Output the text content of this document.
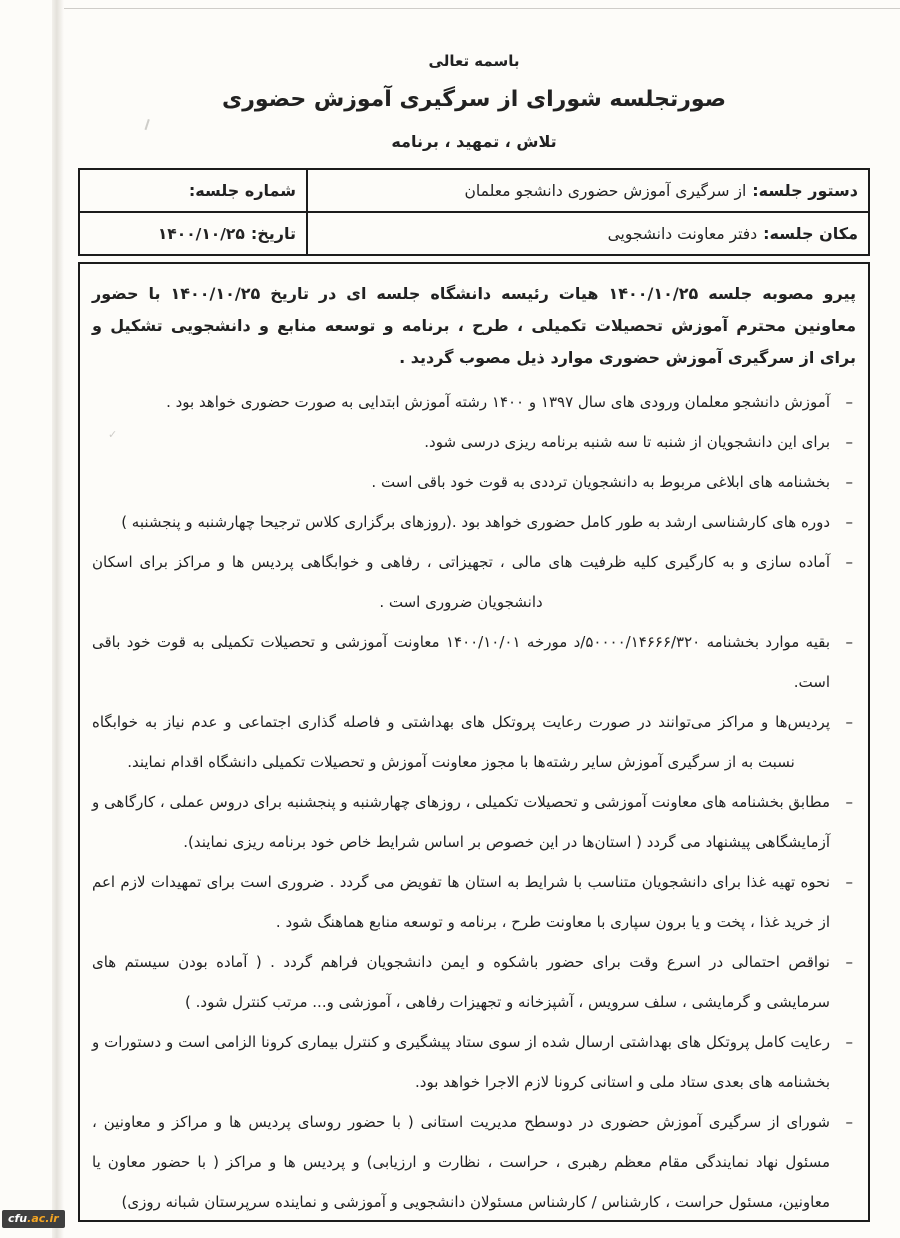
✓
باسمه تعالی
صورتجلسه شورای از سرگیری آموزش حضوری
تلاش ، تمهید ، برنامه
دستور جلسه:از سرگیری آموزش حضوری دانشجو معلمان	شماره جلسه:
مکان جلسه:دفتر معاونت دانشجویی	تاریخ:۱۴۰۰/۱۰/۲۵

پیرو مصوبه جلسه ۱۴۰۰/۱۰/۲۵ هیات رئیسه دانشگاه جلسه ای در تاریخ ۱۴۰۰/۱۰/۲۵ با حضور معاونین محترم آموزش تحصیلات تکمیلی ، طرح ، برنامه و توسعه منابع و دانشجویی تشکیل و برای از سرگیری آموزش حضوری موارد ذیل مصوب گردید .

–
آموزش دانشجو معلمان ورودی های سال ۱۳۹۷ و ۱۴۰۰ رشته آموزش ابتدایی به صورت حضوری خواهد بود .
–
برای این دانشجویان از شنبه تا سه شنبه برنامه ریزی درسی شود.
–
بخشنامه های ابلاغی مربوط به دانشجویان ترددی به قوت خود باقی است .
–
دوره های کارشناسی ارشد به طور کامل حضوری خواهد بود .(روزهای برگزاری کلاس ترجیحا چهارشنبه و پنجشنبه )
–
آماده سازی و به کارگیری کلیه ظرفیت های مالی ، تجهیزاتی ، رفاهی و خوابگاهی پردیس ها و مراکز برای اسکان دانشجویان ضروری است .
–
بقیه موارد بخشنامه ۵۰۰۰۰/۱۴۶۶۶/۳۲۰/د مورخه ۱۴۰۰/۱۰/۰۱ معاونت آموزشی و تحصیلات تکمیلی به قوت خود باقی است.
–
پردیس‌ها و مراکز می‌توانند در صورت رعایت پروتکل های بهداشتی و فاصله گذاری اجتماعی و عدم نیاز به خوابگاه نسبت به از سرگیری آموزش سایر رشته‌ها با مجوز معاونت آموزش و تحصیلات تکمیلی دانشگاه اقدام نمایند.
–
مطابق بخشنامه های معاونت آموزشی و تحصیلات تکمیلی ، روزهای چهارشنبه و پنجشنبه برای دروس عملی ، کارگاهی و آزمایشگاهی پیشنهاد می گردد ( استان‌ها در این خصوص بر اساس شرایط خاص خود برنامه ریزی نمایند).
–
نحوه تهیه غذا برای دانشجویان متناسب با شرایط به استان ها تفویض می گردد . ضروری است برای تمهیدات لازم اعم از خرید غذا ، پخت و یا برون سپاری با معاونت طرح ، برنامه و توسعه منابع هماهنگ شود .
–
نواقص احتمالی در اسرع وقت برای حضور باشکوه و ایمن دانشجویان فراهم گردد . ( آماده بودن سیستم های سرمایشی و گرمایشی ، سلف سرویس ، آشپزخانه و تجهیزات رفاهی ، آموزشی و... مرتب کنترل شود. )
–
رعایت کامل پروتکل های بهداشتی ارسال شده از سوی ستاد پیشگیری و کنترل بیماری کرونا الزامی است و دستورات و بخشنامه های بعدی ستاد ملی و استانی کرونا لازم الاجرا خواهد بود.
–
شورای از سرگیری آموزش حضوری در دوسطح مدیریت استانی ( با حضور روسای پردیس ها و مراکز و معاونین ، مسئول نهاد نمایندگی مقام معظم رهبری ، حراست ، نظارت و ارزیابی) و پردیس ها و مراکز ( با حضور معاون یا معاونین، مسئول حراست ، کارشناس / کارشناس مسئولان دانشجویی و آموزشی و نماینده سرپرستان شبانه روزی)
cfu .ac.ir
